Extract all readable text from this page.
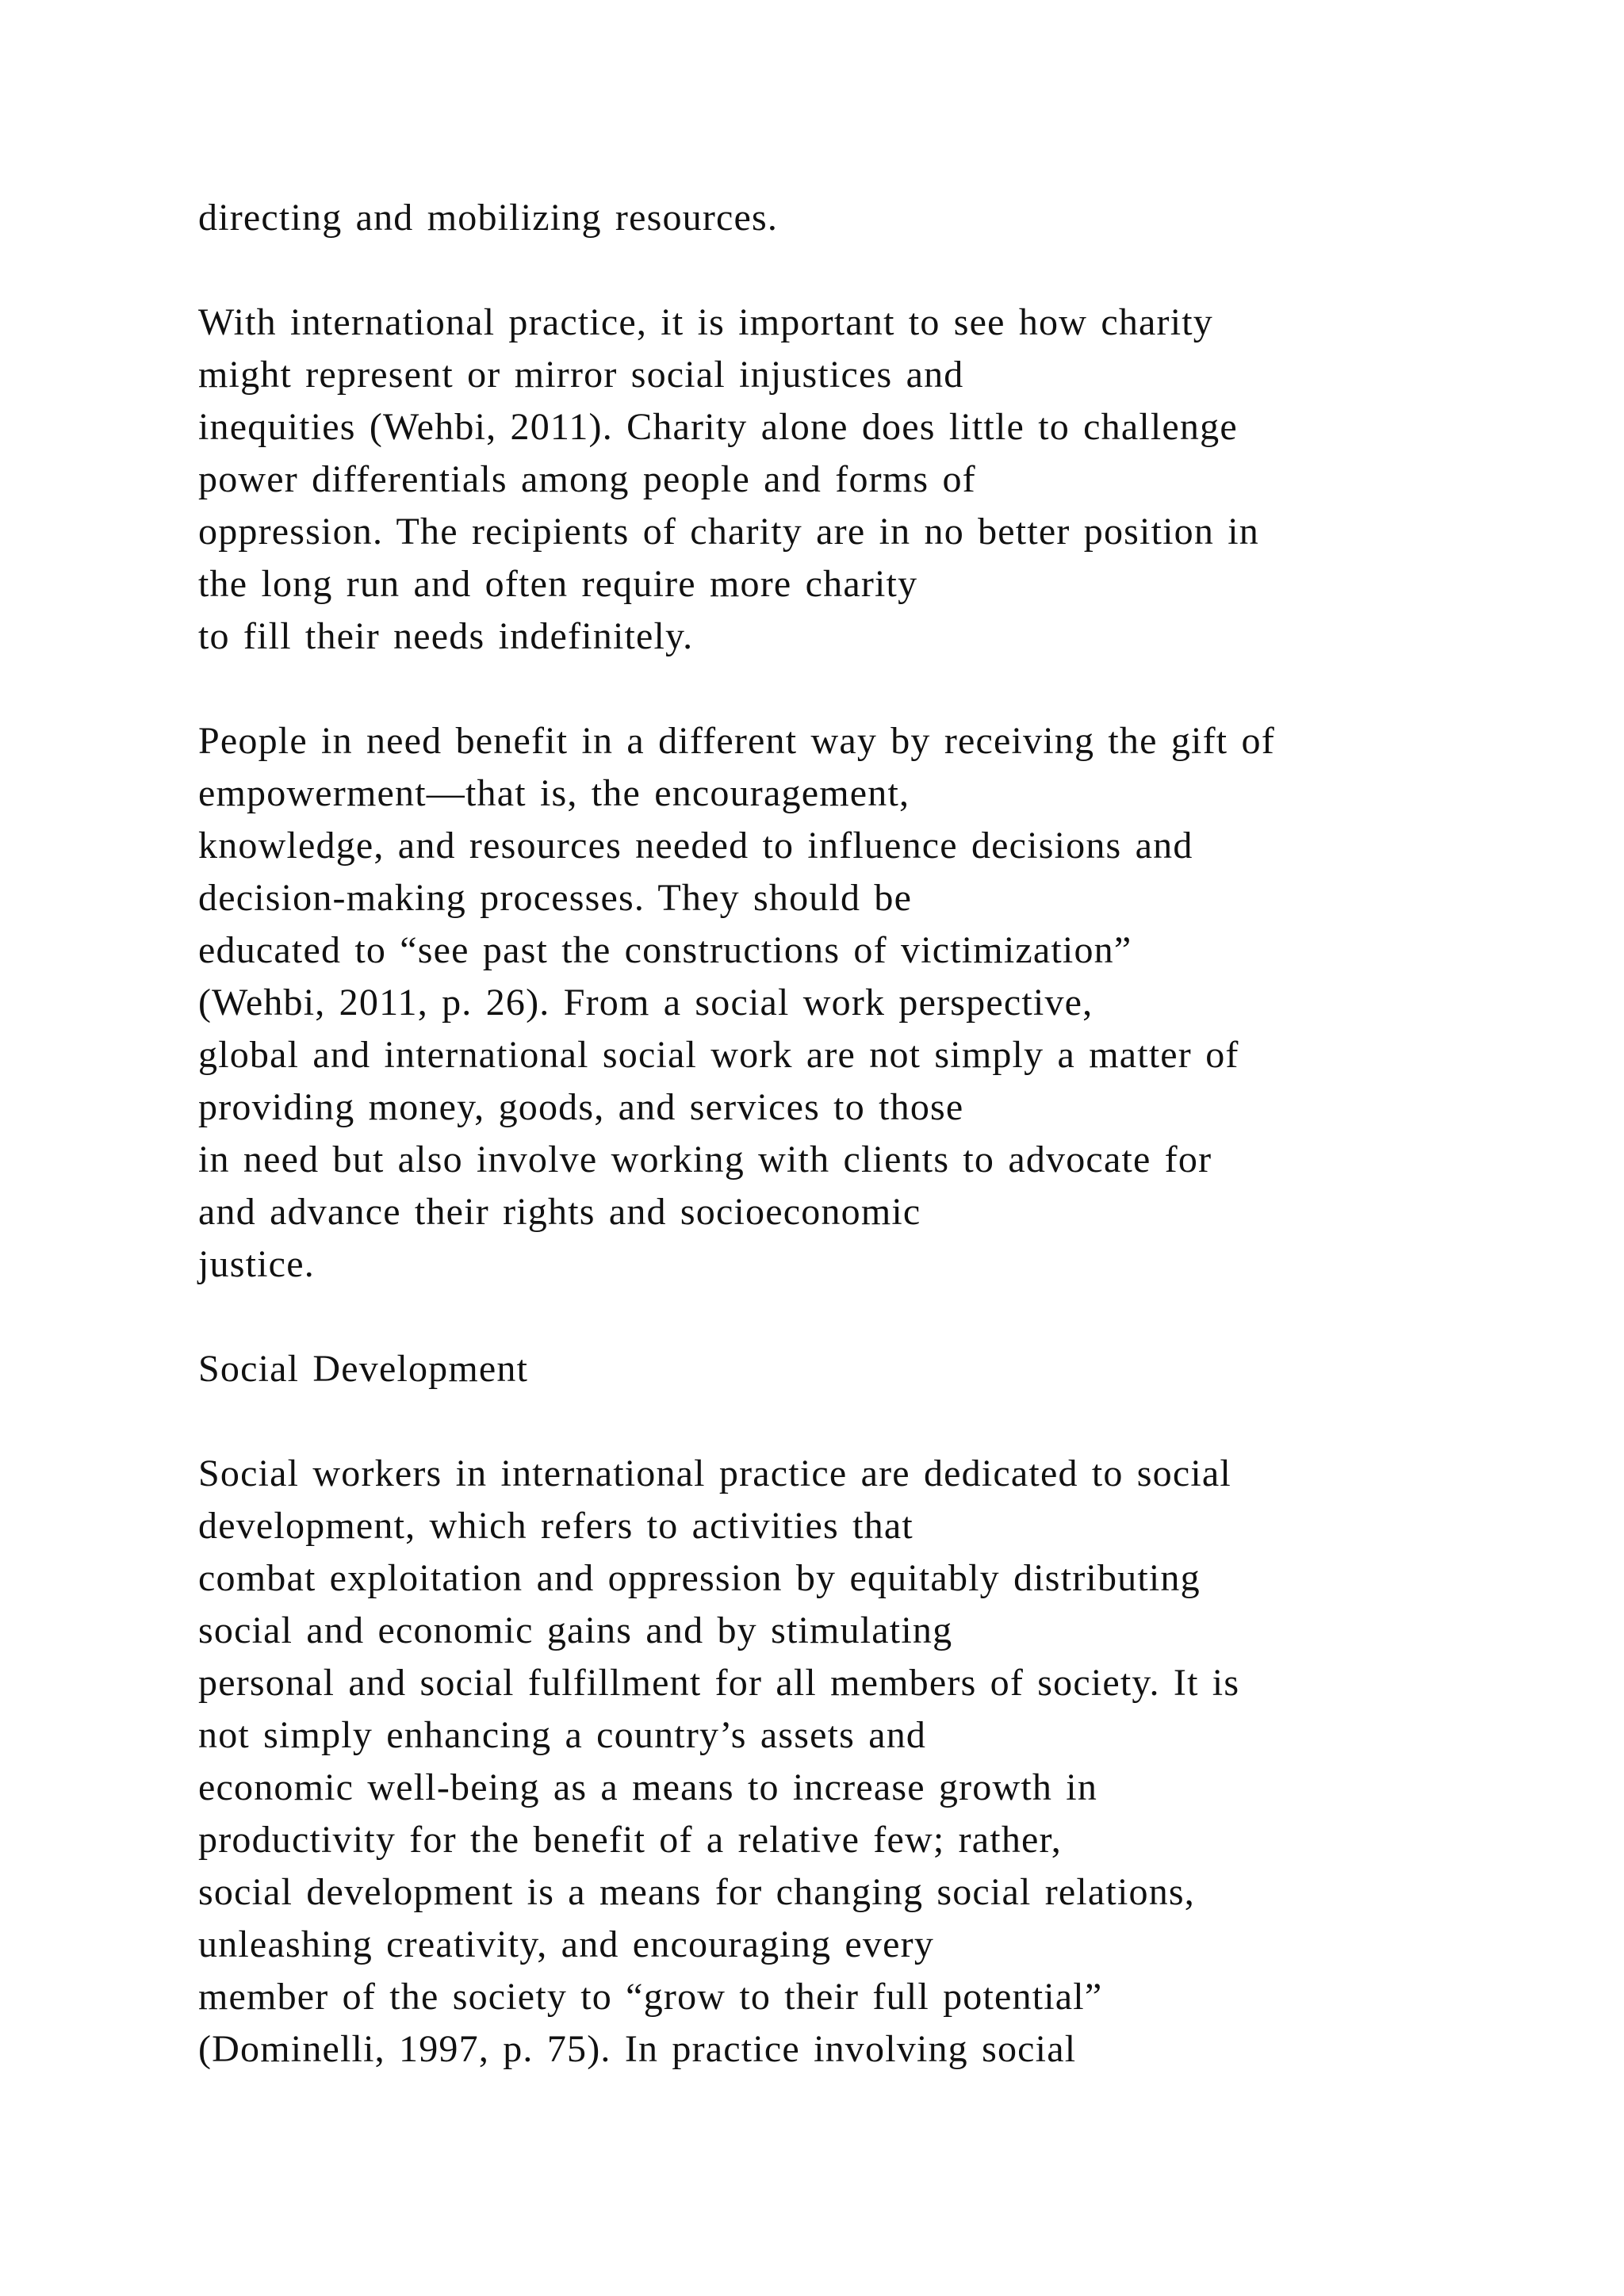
directing and mobilizing resources.
With international practice, it is important to see how charity
might represent or mirror social injustices and
inequities (Wehbi, 2011). Charity alone does little to challenge
power differentials among people and forms of
oppression. The recipients of charity are in no better position in
the long run and often require more charity
to fill their needs indefinitely.
People in need benefit in a different way by receiving the gift of
empowerment—that is, the encouragement,
knowledge, and resources needed to influence decisions and
decision-making processes. They should be
educated to “see past the constructions of victimization”
(Wehbi, 2011, p. 26). From a social work perspective,
global and international social work are not simply a matter of
providing money, goods, and services to those
in need but also involve working with clients to advocate for
and advance their rights and socioeconomic
justice.
Social Development
Social workers in international practice are dedicated to social
development, which refers to activities that
combat exploitation and oppression by equitably distributing
social and economic gains and by stimulating
personal and social fulfillment for all members of society. It is
not simply enhancing a country’s assets and
economic well-being as a means to increase growth in
productivity for the benefit of a relative few; rather,
social development is a means for changing social relations,
unleashing creativity, and encouraging every
member of the society to “grow to their full potential”
(Dominelli, 1997, p. 75). In practice involving social
